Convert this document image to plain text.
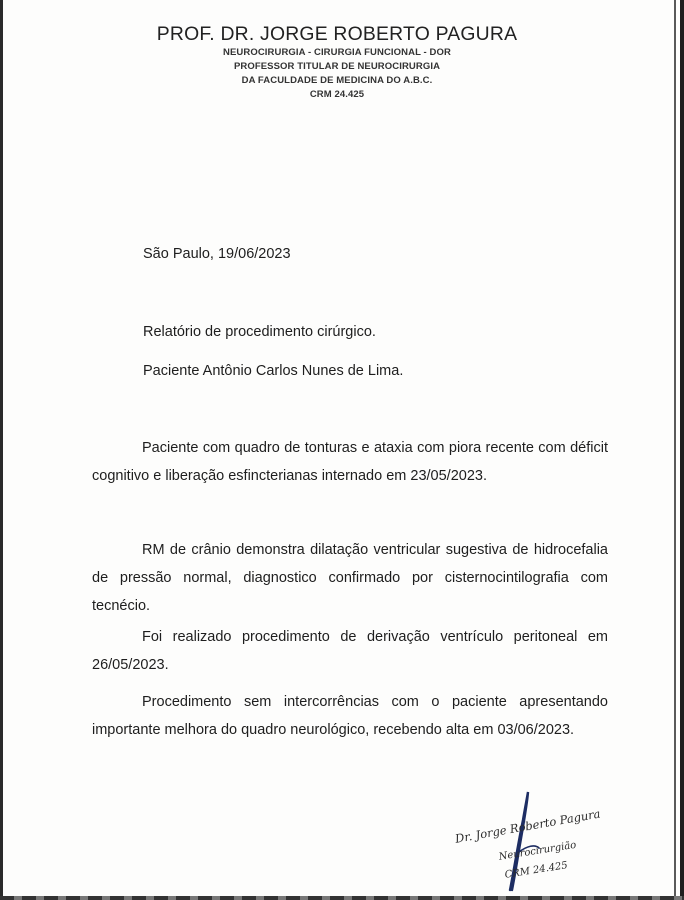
PROF. DR. JORGE ROBERTO PAGURA
NEUROCIRURGIA - CIRURGIA FUNCIONAL - DOR
PROFESSOR TITULAR DE NEUROCIRURGIA
DA FACULDADE DE MEDICINA DO A.B.C.
CRM 24.425
São Paulo, 19/06/2023
Relatório de procedimento cirúrgico.
Paciente Antônio Carlos Nunes de Lima.
Paciente com quadro de tonturas e ataxia com piora recente com déficit cognitivo e liberação esfincterianas internado em 23/05/2023.
RM de crânio demonstra dilatação ventricular sugestiva de hidrocefalia de pressão normal, diagnostico confirmado por cisternocintilografia com tecnécio.
Foi realizado procedimento de derivação ventrículo peritoneal em 26/05/2023.
Procedimento sem intercorrências com o paciente apresentando importante melhora do quadro neurológico, recebendo alta em 03/06/2023.
Dr. Jorge Roberto Pagura
Neurocirurgião
CRM 24.425
